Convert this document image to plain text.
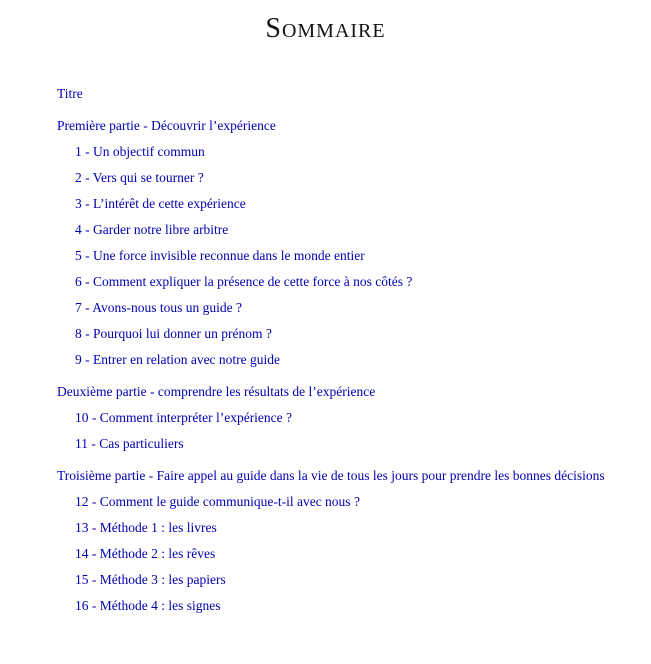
Sommaire
Titre
Première partie - Découvrir l’expérience
1 - Un objectif commun
2 - Vers qui se tourner ?
3 - L’intérêt de cette expérience
4 - Garder notre libre arbitre
5 - Une force invisible reconnue dans le monde entier
6 - Comment expliquer la présence de cette force à nos côtés ?
7 - Avons-nous tous un guide ?
8 - Pourquoi lui donner un prénom ?
9 - Entrer en relation avec notre guide
Deuxième partie - comprendre les résultats de l’expérience
10 - Comment interpréter l’expérience ?
11 - Cas particuliers
Troisième partie - Faire appel au guide dans la vie de tous les jours pour prendre les bonnes décisions
12 - Comment le guide communique-t-il avec nous ?
13 - Méthode 1 : les livres
14 - Méthode 2 : les rêves
15 - Méthode 3 : les papiers
16 - Méthode 4 : les signes
